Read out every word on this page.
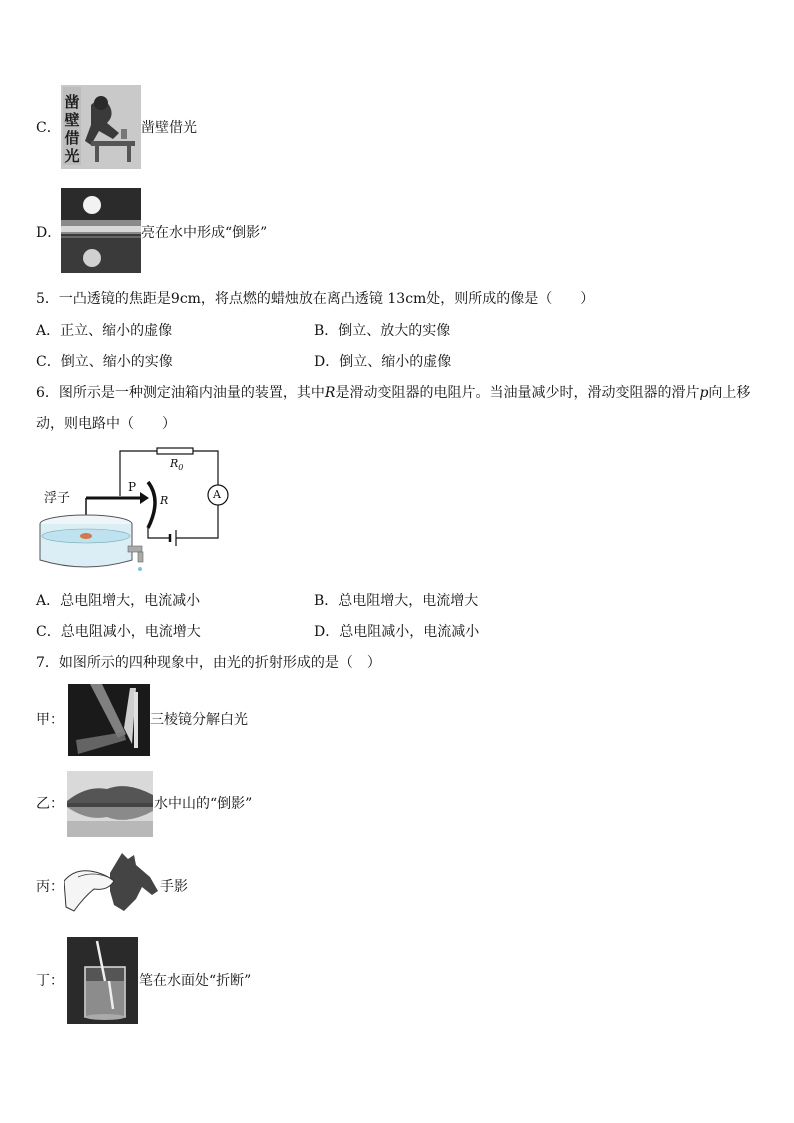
C．
凿
壁
借
光
凿壁借光
D．	亮在水中形成“倒影”
5．一凸透镜的焦距是9cm，将点燃的蜡烛放在离凸透镜 13cm处，则所成的像是（　　）
A．正立、缩小的虚像	B．倒立、放大的实像
C．倒立、缩小的实像	D．倒立、缩小的虚像
6．图所示是一种测定油箱内油量的装置，其中R是滑动变阻器的电阻片。当油量减少时，滑动变阻器的滑片p向上移
动，则电路中（　　）
浮子
$R_0$
P
R	A
A．总电阻增大，电流减小	B．总电阻增大，电流增大
C．总电阻减小，电流增大	D．总电阻减小，电流减小
7．如图所示的四种现象中，由光的折射形成的是（　）
甲：	三棱镜分解白光
乙：	水中山的“倒影”
丙：	手影
丁：	笔在水面处“折断”
